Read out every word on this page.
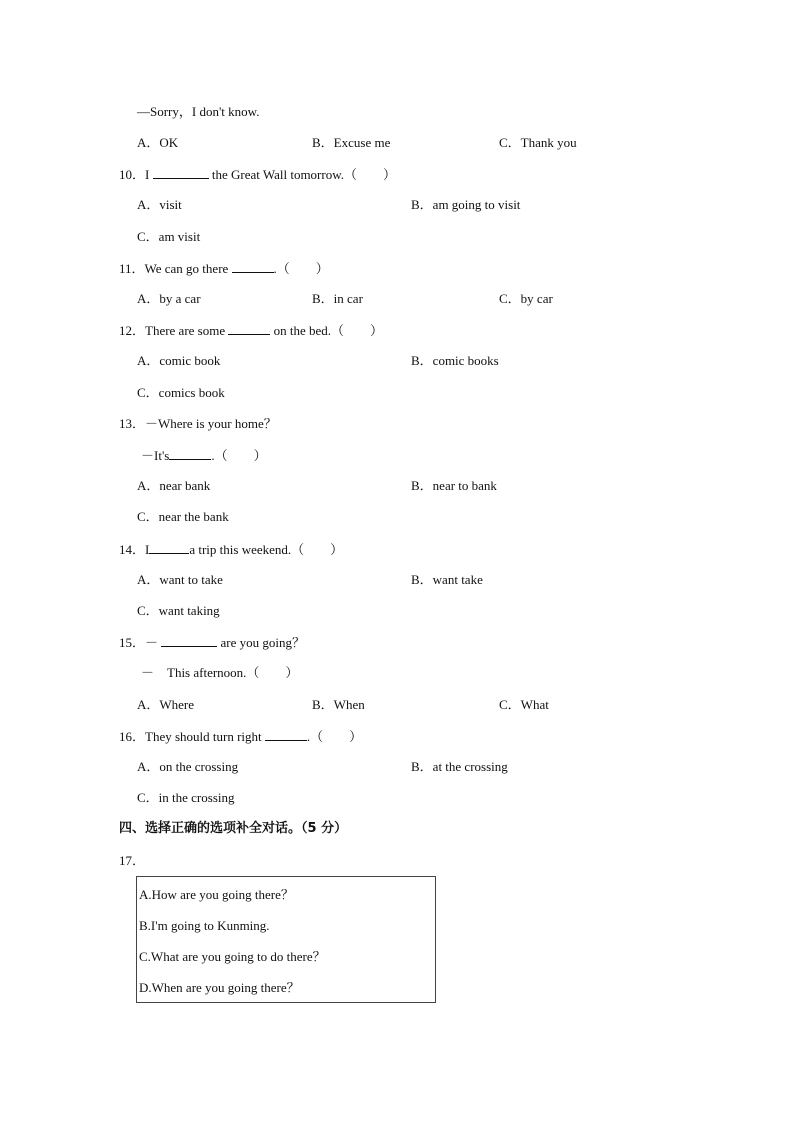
—Sorry，I don't know.
A．OK	B．Excuse me	C．Thank you
10．I	the Great Wall tomorrow.（　　）
A．visit	B．am going to visit
C．am visit
11．We can go there	.（　　）
A．by a car	B．in car	C．by car
12．There are some	on the bed.（　　）
A．comic book	B．comic books
C．comics book
13．－Where is your home？
－It's	.（　　）
A．near bank	B．near to bank
C．near the bank
14．I	a trip this weekend.（　　）
A．want to take	B．want take
C．want taking
15．－	are you going？
－　This afternoon.（　　）
A．Where	B．When	C．What
16．They should turn right	.（　　）
A．on the crossing	B．at the crossing
C．in the crossing
四、选择正确的选项补全对话。（5 分）
17．
A.How are you going there？
B.I'm going to Kunming.
C.What are you going to do there？
D.When are you going there？
